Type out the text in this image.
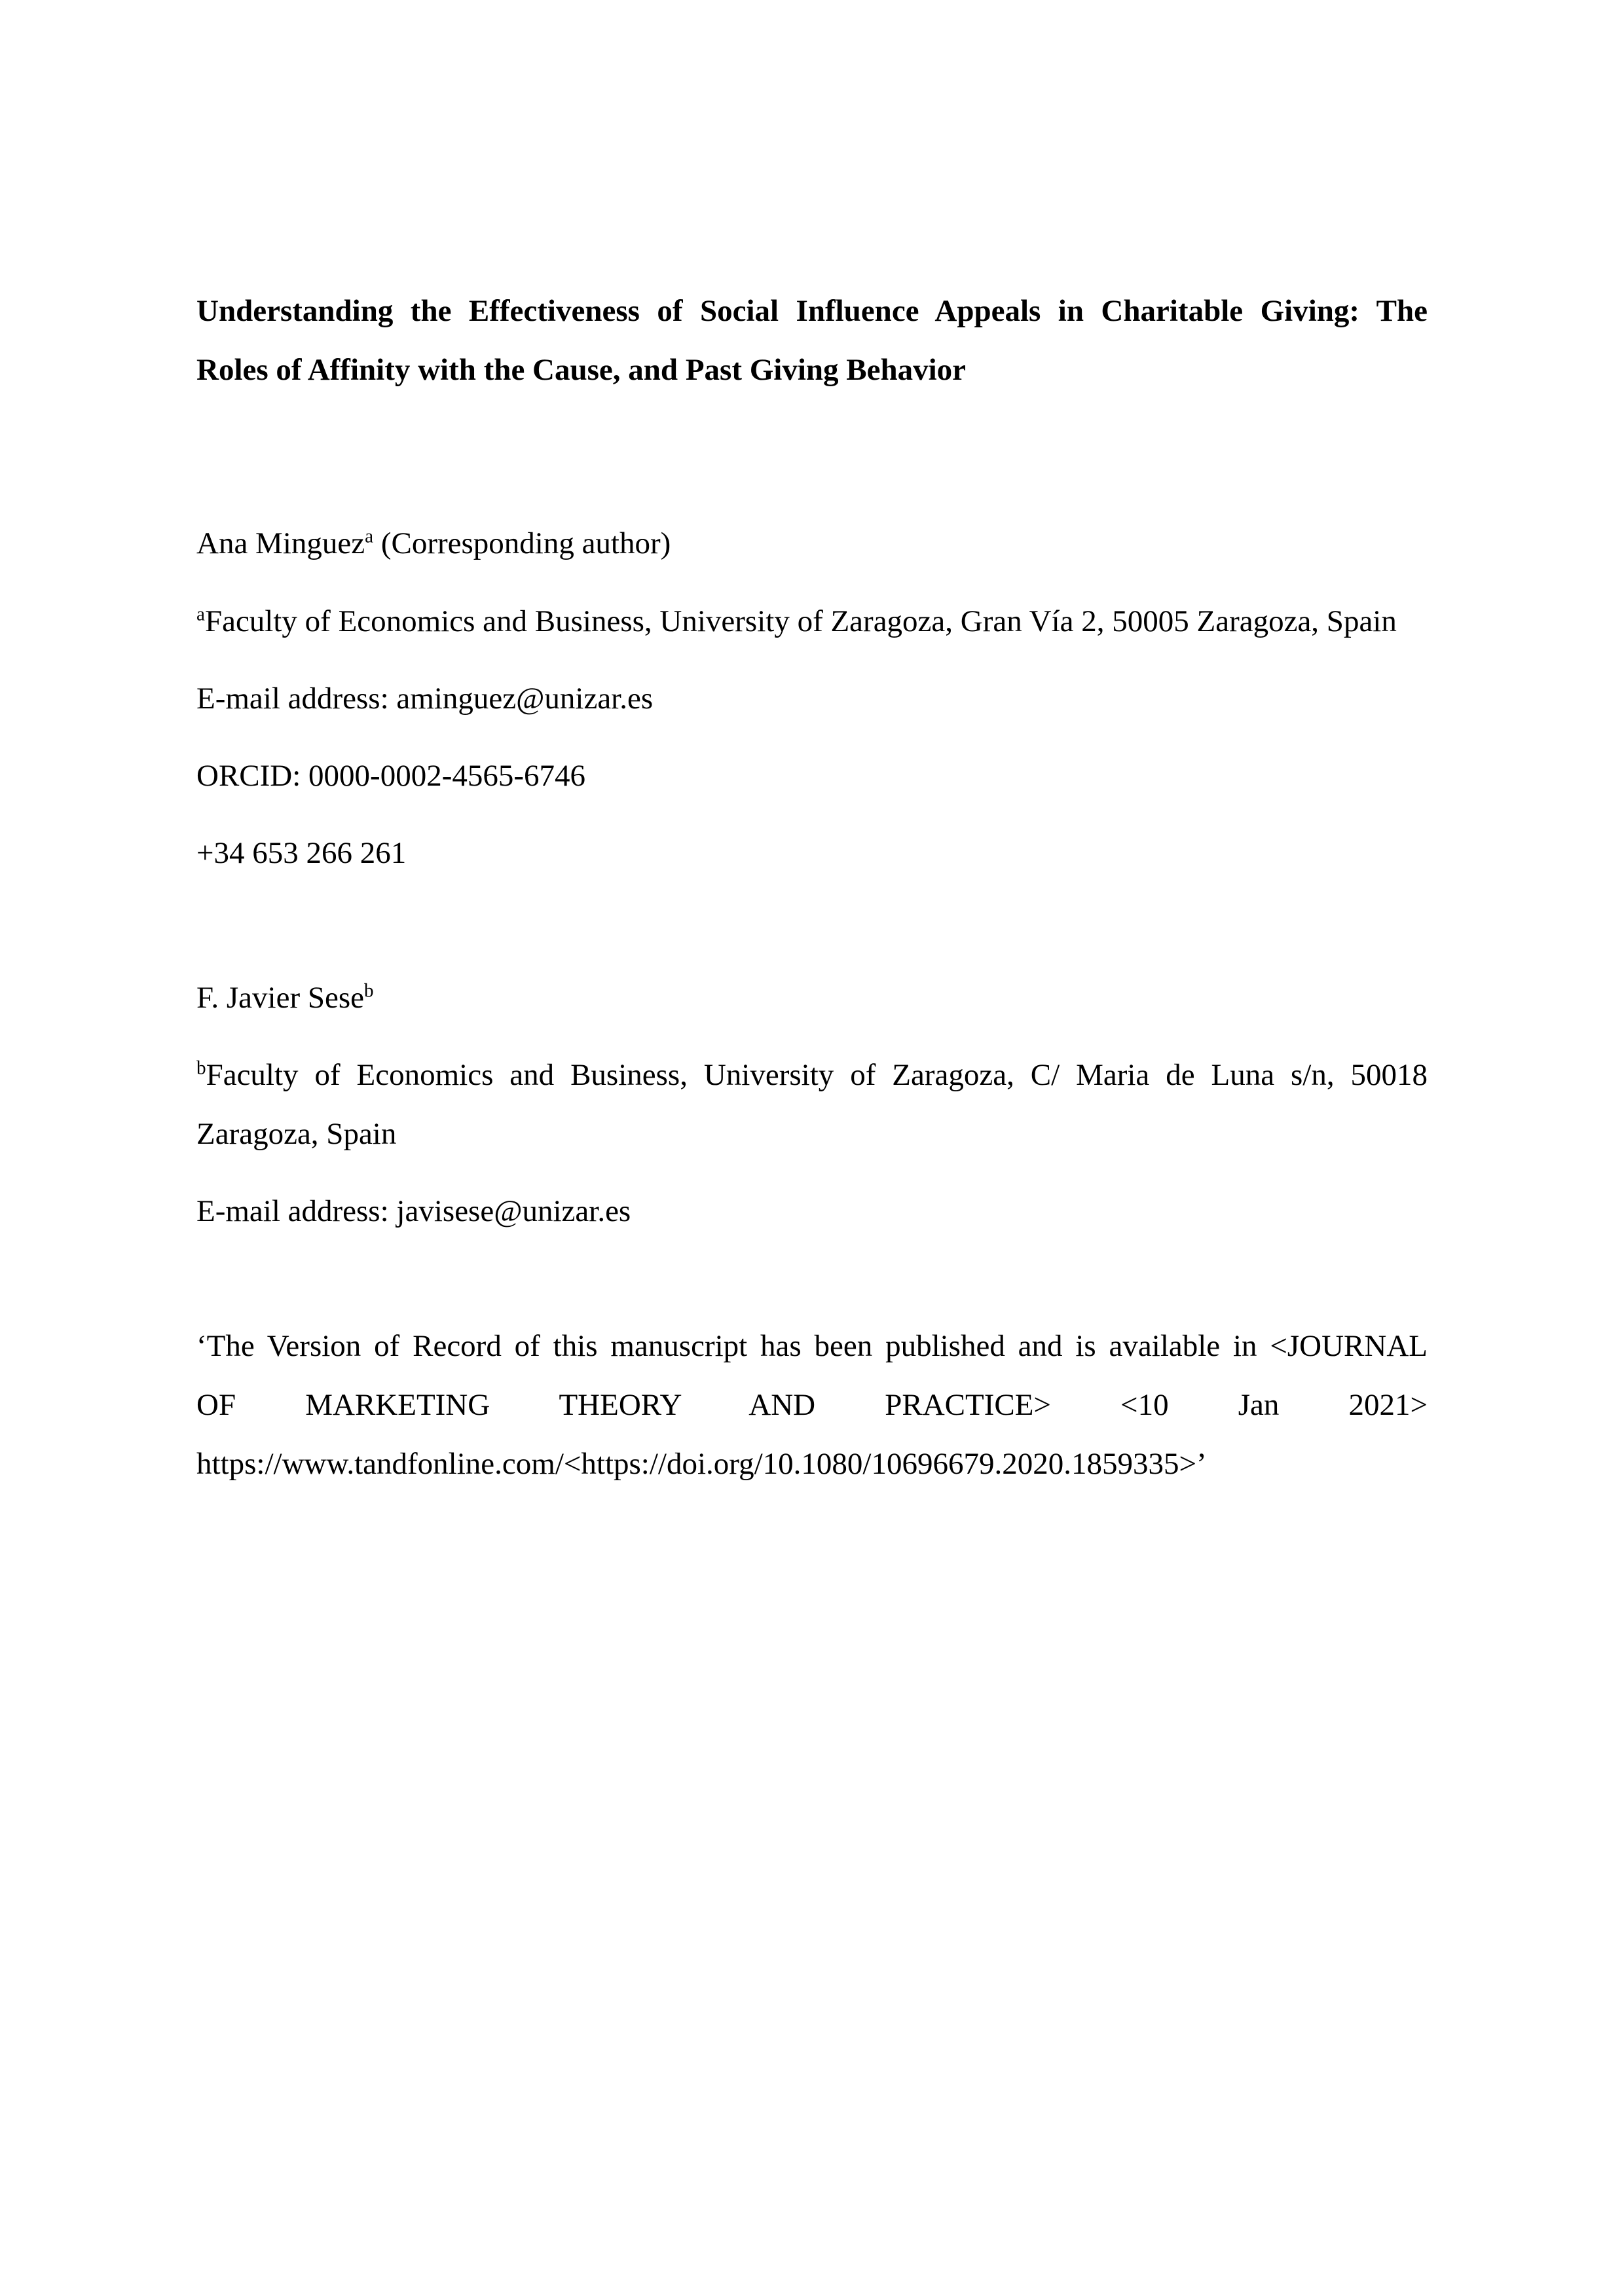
Understanding the Effectiveness of Social Influence Appeals in Charitable Giving: The
Roles of Affinity with the Cause, and Past Giving Behavior

Ana Minguez$^a$ (Corresponding author)

$^a$Faculty of Economics and Business, University of Zaragoza, Gran Vía 2, 50005 Zaragoza, Spain

E-mail address: aminguez@unizar.es

ORCID: 0000-0002-4565-6746

+34 653 266 261

F. Javier Sese$^b$

$^b$Faculty of Economics and Business, University of Zaragoza, C/ Maria de Luna s/n, 50018 Zaragoza, Spain

E-mail address: javisese@unizar.es

‘The Version of Record of this manuscript has been published and is available in <JOURNAL
OF MARKETING THEORY AND PRACTICE> <10 Jan 2021>
https://www.tandfonline.com/<https://doi.org/10.1080/10696679.2020.1859335>’
